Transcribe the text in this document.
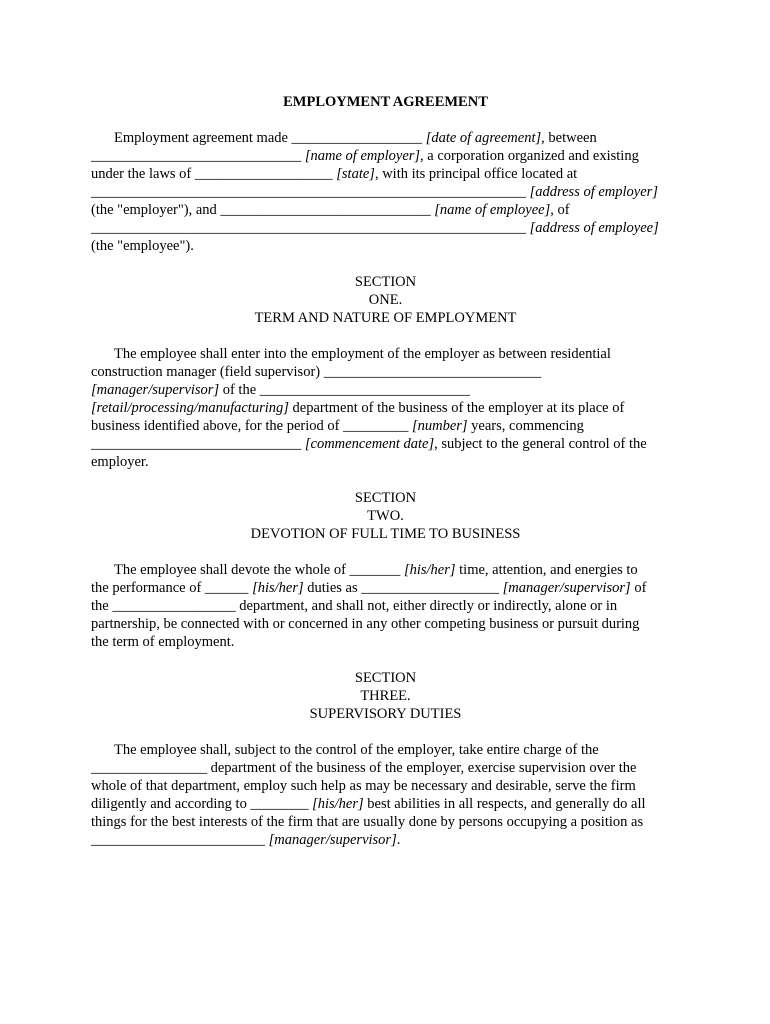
EMPLOYMENT AGREEMENT
Employment agreement made __________________ [date of agreement], between
_____________________________ [name of employer], a corporation organized and existing
under the laws of ___________________ [state], with its principal office located at
____________________________________________________________ [address of employer]
(the "employer"), and _____________________________ [name of employee], of
____________________________________________________________ [address of employee]
(the "employee").
SECTION
ONE.
TERM AND NATURE OF EMPLOYMENT
The employee shall enter into the employment of the employer as between residential
construction manager (field supervisor) ______________________________
[manager/supervisor] of the _____________________________
[retail/processing/manufacturing] department of the business of the employer at its place of
business identified above, for the period of _________ [number] years, commencing
_____________________________ [commencement date], subject to the general control of the
employer.
SECTION
TWO.
DEVOTION OF FULL TIME TO BUSINESS
The employee shall devote the whole of _______ [his/her] time, attention, and energies to
the performance of ______ [his/her] duties as ___________________ [manager/supervisor] of
the _________________ department, and shall not, either directly or indirectly, alone or in
partnership, be connected with or concerned in any other competing business or pursuit during
the term of employment.
SECTION
THREE.
SUPERVISORY DUTIES
The employee shall, subject to the control of the employer, take entire charge of the
________________ department of the business of the employer, exercise supervision over the
whole of that department, employ such help as may be necessary and desirable, serve the firm
diligently and according to ________ [his/her] best abilities in all respects, and generally do all
things for the best interests of the firm that are usually done by persons occupying a position as
________________________ [manager/supervisor].
